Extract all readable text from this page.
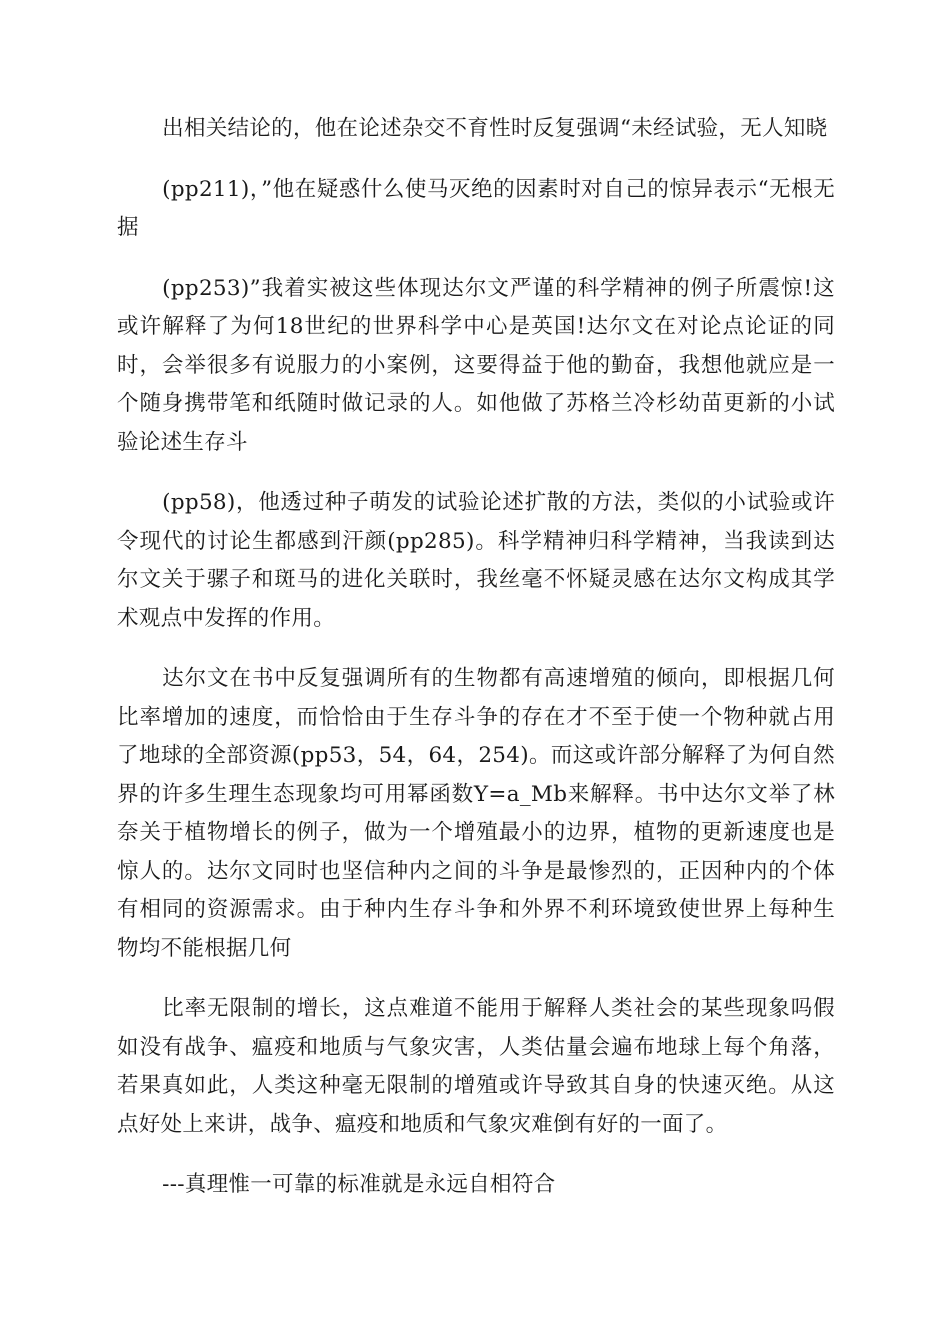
出相关结论的，他在论述杂交不育性时反复强调“未经试验，无人知晓

(pp211)，”他在疑惑什么使马灭绝的因素时对自己的惊异表示“无根无据

(pp253)”我着实被这些体现达尔文严谨的科学精神的例子所震惊!这或许解释了为何18世纪的世界科学中心是英国!达尔文在对论点论证的同时，会举很多有说服力的小案例，这要得益于他的勤奋，我想他就应是一个随身携带笔和纸随时做记录的人。如他做了苏格兰冷杉幼苗更新的小试验论述生存斗

(pp58)，他透过种子萌发的试验论述扩散的方法，类似的小试验或许令现代的讨论生都感到汗颜(pp285)。科学精神归科学精神，当我读到达尔文关于骡子和斑马的进化关联时，我丝毫不怀疑灵感在达尔文构成其学术观点中发挥的作用。

达尔文在书中反复强调所有的生物都有高速增殖的倾向，即根据几何比率增加的速度，而恰恰由于生存斗争的存在才不至于使一个物种就占用了地球的全部资源(pp53，54，64，254)。而这或许部分解释了为何自然界的许多生理生态现象均可用幂函数Y=a_Mb来解释。书中达尔文举了林奈关于植物增长的例子，做为一个增殖最小的边界，植物的更新速度也是惊人的。达尔文同时也坚信种内之间的斗争是最惨烈的，正因种内的个体有相同的资源需求。由于种内生存斗争和外界不利环境致使世界上每种生物均不能根据几何

比率无限制的增长，这点难道不能用于解释人类社会的某些现象吗假如没有战争、瘟疫和地质与气象灾害，人类估量会遍布地球上每个角落，若果真如此，人类这种毫无限制的增殖或许导致其自身的快速灭绝。从这点好处上来讲，战争、瘟疫和地质和气象灾难倒有好的一面了。

---真理惟一可靠的标准就是永远自相符合
